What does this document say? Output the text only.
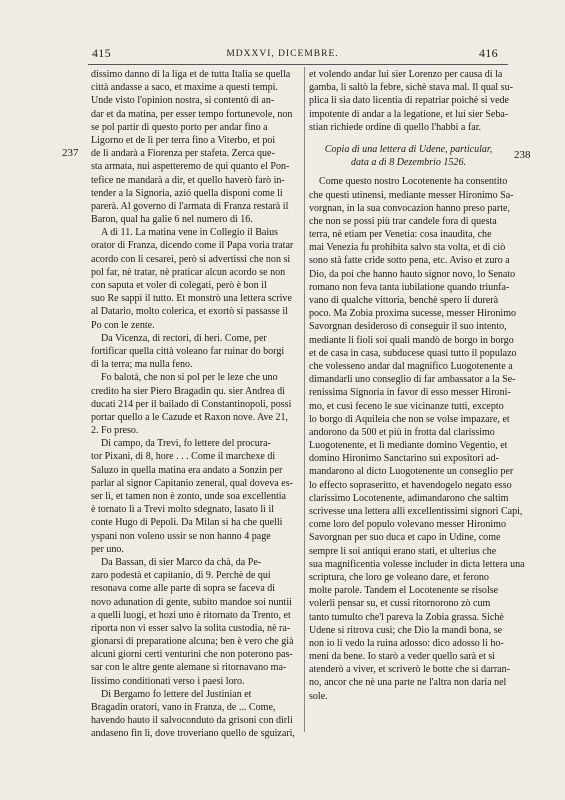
415	MDXXVI, DICEMBRE.	416
237	238
dissimo danno di la liga et de tutta Italia se quella
città andasse a saco, et maxime a questi tempi.
Unde visto l'opinion nostra, si contentò di an-
dar et da matina, per esser tempo fortunevole, non
se pol partir di questo porto per andar fino a
Ligorno et de lì per terra fino a Viterbo, et poi
de lì andarà a Fiorenza per stafeta. Zerca que-
sta armata, nui aspetteremo de qui quanto el Pon-
tefice ne mandarà a dir, et quello haverò farò in-
tender a la Signoria, azió quella disponi come li
parerà. Al governo di l'armata di Franza restarà il
Baron, qual ha galie 6 nel numero di 16.
A dì 11. La matina vene in Collegio il Baius
orator di Franza, dicendo come il Papa voria tratar
acordo con li cesarei, però si advertissi che non si
pol far, nè tratar, nè praticar alcun acordo se non
con saputa et voler di colegati, però è bon il
suo Re sappi il tutto. Et monstrò una lettera scrive
al Datario, molto colerica, et exortò si passasse il
Po con le zente.
Da Vicenza, di rectori, di heri. Come, per
fortificar quella città voleano far ruinar do borgi
di la terra; ma nulla feno.
Fo balotà, che non si pol per le leze che uno
credito ha sier Piero Bragadin qu. sier Andrea di
ducati 214 per il bailado di Constantinopoli, possi
portar quello a le Cazude et Raxon nove. Ave 21,
2. Fo preso.
Di campo, da Trevi, fo lettere del procura-
tor Pixani, di 8, hore . . . Come il marchexe di
Saluzo in quella matina era andato a Sonzin per
parlar al signor Capitanio zeneral, qual doveva es-
ser lì, et tamen non è zonto, unde soa excellentia
è tornato lì a Trevi molto sdegnato, lasato lì il
conte Hugo di Pepoli. Da Milan si ha che quelli
yspani non voleno ussir se non hanno 4 page
per uno.
Da Bassan, di sier Marco da chà, da Pe-
zaro podestà et capitanio, di 9. Perchè de qui
resonava come alle parte di sopra se faceva di
novo adunation di gente, subito mandoe soi nuntii
a quelli luogi, et hozi uno è ritornato da Trento, et
riporta non vi esser salvo la solita custodia, nè ra-
gionarsi di preparatione alcuna; ben è vero che già
alcuni giorni certi venturini che non poterono pas-
sar con le altre gente alemane si ritornavano ma-
lissimo conditionati verso i paesi loro.
Di Bergamo fo lettere del Justinian et
Bragadin oratori, vano in Franza, de ... Come,
havendo hauto il salvoconduto da grisoni con dirli
andaseno fin lì, dove troveriano quello de sguizari,
et volendo andar lui sier Lorenzo per causa di la
gamba, li saltò la febre, sichè stava mal. Il qual su-
plica li sia dato licentia di repatriar poichè si vede
impotente di andar a la legatione, et lui sier Seba-
stian richiede ordine di quello l'habbi a far.
Copia di una lettera di Udene, particular,
data a dì 8 Dezembrio 1526.
Come questo nostro Locotenente ha consentito
che questi utinensi, mediante messer Hironimo Sa-
vorgnan, in la sua convocazion hanno preso parte,
che non se possi più trar candele fora di questa
terra, nè etiam per Venetia: cosa inaudita, che
mai Venezia fu prohibita salvo sta volta, et di ciò
sono stà fatte cride sotto pena, etc. Aviso et zuro a
Dio, da poi che hanno hauto signor novo, lo Senato
romano non feva tanta iubilatione quando triunfa-
vano di qualche vittoria, benchè spero li durerà
poco. Ma Zobia proxima sucesse, messer Hironimo
Savorgnan desideroso di conseguir il suo intento,
mediante li fioli soi quali mandò de borgo in borgo
et de casa in casa, subducese quasi tutto il populazo
che volesseno andar dal magnifico Luogotenente a
dimandarli uno conseglio di far ambassator a la Se-
renissima Signoria in favor di esso messer Hironi-
mo, et cusì feceno le sue vicinanze tutti, excepto
lo borgo di Aquileia che non se volse impazare, et
andorono da 500 et più in frotta dal clarissimo
Luogotenente, et lì mediante domino Vegentio, et
domino Hironimo Sanctarino sui expositori ad-
mandarono al dicto Luogotenente un conseglio per
lo effecto sopraseritto, et havendogelo negato esso
clarissimo Locotenente, adimandarono che saltim
scrivesse una lettera alli excellentissimi signori Capi,
come loro del populo volevano messer Hironimo
Savorgnan per suo duca et capo in Udine, come
sempre li soi antiqui erano stati, et ulterius che
sua magnificentia volesse includer in dicta lettera una
scriptura, che loro ge voleano dare, et ferono
molte parole. Tandem el Locotenente se risolse
volerli pensar su, et cussì ritornorono zò cum
tanto tumulto che'l pareva la Zobia grassa. Sichè
Udene si ritrova cusì; che Dio la mandi bona, se
non io li vedo la ruina adosso: dico adosso li ho-
meni da bene. Io starò a veder quello sarà et si
atenderò a viver, et scriverò le botte che si darran-
no, ancor che nè una parte ne l'altra non daria nel
sole.
